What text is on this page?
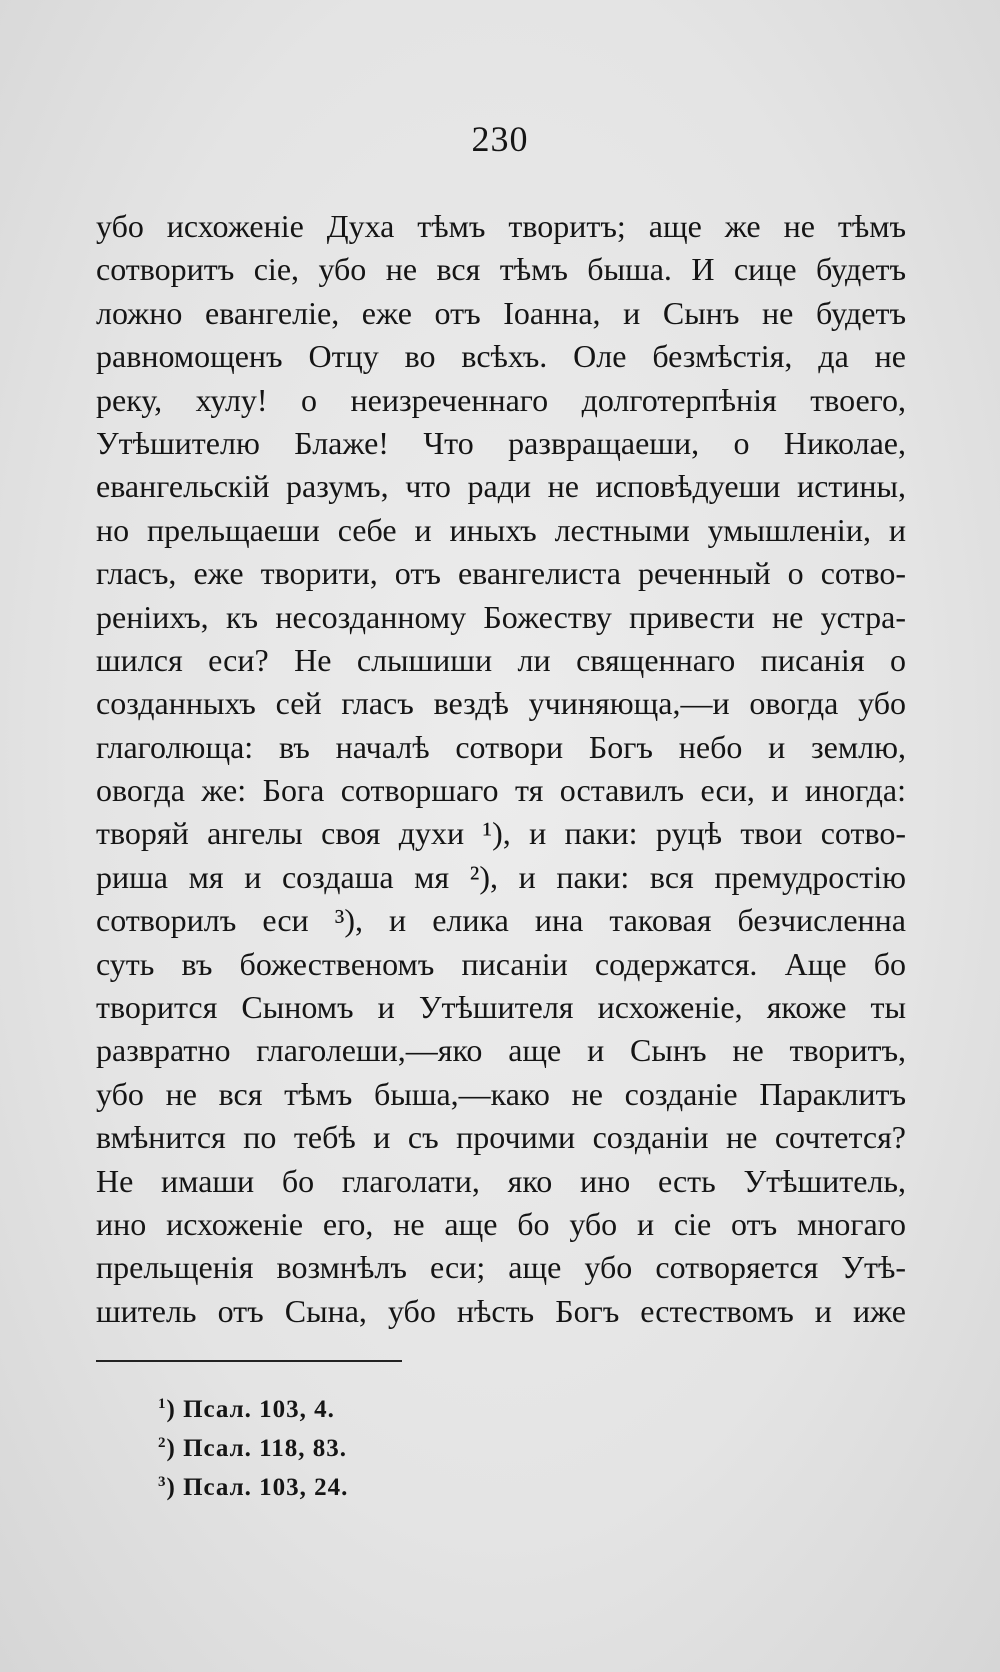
230
убо исхоженіе Духа тѣмъ творитъ; аще же не тѣмъ
сотворитъ сіе, убо не вся тѣмъ быша. И сице будетъ
ложно евангеліе, еже отъ Іоанна, и Сынъ не будетъ
равномощенъ Отцу во всѣхъ. Оле безмѣстія, да не
реку, хулу! о неизреченнаго долготерпѣнія твоего,
Утѣшителю Блаже! Что развращаеши, о Николае,
евангельскій разумъ, что ради не исповѣдуеши истины,
но прельщаеши себе и иныхъ лестными умышленіи, и
гласъ, еже творити, отъ евангелиста реченный о сотво-
реніихъ, къ несозданному Божеству привести не устра-
шился еси? Не слышиши ли священнаго писанія о
созданныхъ сей гласъ вездѣ учиняюща,—и овогда убо
глаголюща: въ началѣ сотвори Богъ небо и землю,
овогда же: Бога сотворшаго тя оставилъ еси, и иногда:
творяй ангелы своя духи ¹), и паки: руцѣ твои сотво-
риша мя и создаша мя ²), и паки: вся премудростію
сотворилъ еси ³), и елика ина таковая безчисленна
суть въ божественомъ писаніи содержатся. Аще бо
творится Сыномъ и Утѣшителя исхоженіе, якоже ты
развратно глаголеши,—яко аще и Сынъ не творитъ,
убо не вся тѣмъ быша,—како не созданіе Параклитъ
вмѣнится по тебѣ и съ прочими созданіи не сочтется?
Не имаши бо глаголати, яко ино есть Утѣшитель,
ино исхоженіе его, не аще бо убо и сіе отъ многаго
прельщенія возмнѣлъ еси; аще убо сотворяется Утѣ-
шитель отъ Сына, убо нѣсть Богъ естествомъ и иже
$^1$) Псал. 103, 4.
$^2$) Псал. 118, 83.
$^3$) Псал. 103, 24.
